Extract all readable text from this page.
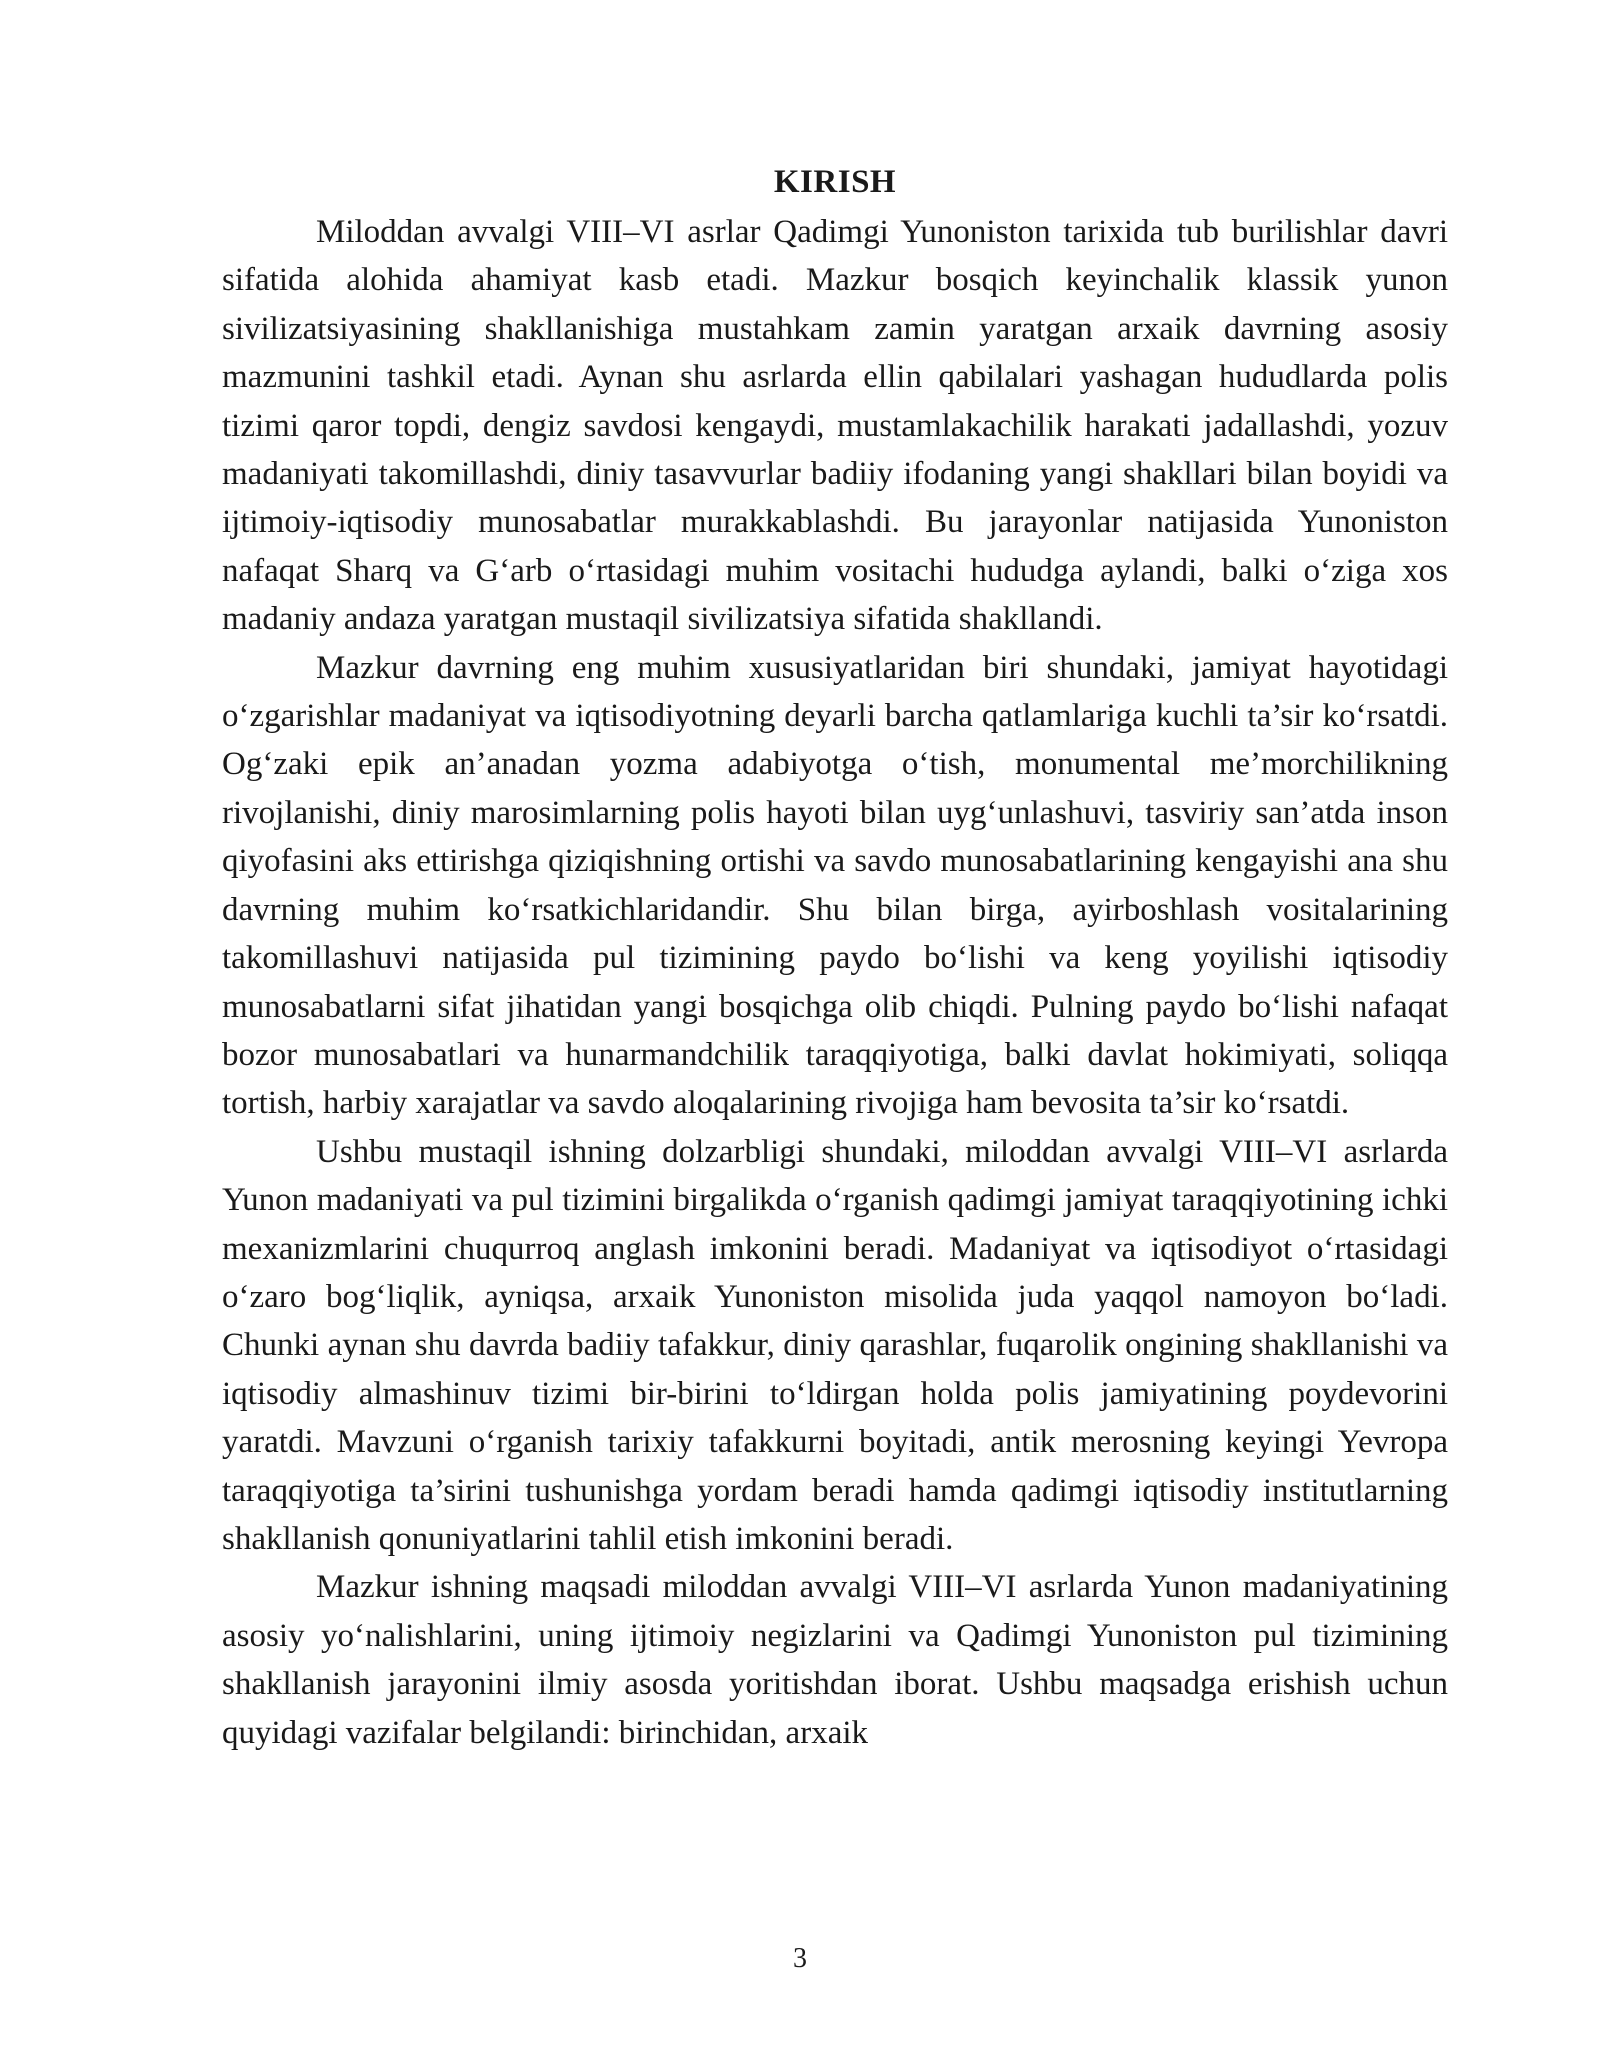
KIRISH

Miloddan avvalgi VIII–VI asrlar Qadimgi Yunoniston tarixida tub burilishlar davri sifatida alohida ahamiyat kasb etadi. Mazkur bosqich keyinchalik klassik yunon sivilizatsiyasining shakllanishiga mustahkam zamin yaratgan arxaik davrning asosiy mazmunini tashkil etadi. Aynan shu asrlarda ellin qabilalari yashagan hududlarda polis tizimi qaror topdi, dengiz savdosi kengaydi, mustamlakachilik harakati jadallashdi, yozuv madaniyati takomillashdi, diniy tasavvurlar badiiy ifodaning yangi shakllari bilan boyidi va ijtimoiy-iqtisodiy munosabatlar murakkablashdi. Bu jarayonlar natijasida Yunoniston nafaqat Sharq va G‘arb o‘rtasidagi muhim vositachi hududga aylandi, balki o‘ziga xos madaniy andaza yaratgan mustaqil sivilizatsiya sifatida shakllandi.

Mazkur davrning eng muhim xususiyatlaridan biri shundaki, jamiyat hayotidagi o‘zgarishlar madaniyat va iqtisodiyotning deyarli barcha qatlamlariga kuchli ta’sir ko‘rsatdi. Og‘zaki epik an’anadan yozma adabiyotga o‘tish, monumental me’morchilikning rivojlanishi, diniy marosimlarning polis hayoti bilan uyg‘unlashuvi, tasviriy san’atda inson qiyofasini aks ettirishga qiziqishning ortishi va savdo munosabatlarining kengayishi ana shu davrning muhim ko‘rsatkichlaridandir. Shu bilan birga, ayirboshlash vositalarining takomillashuvi natijasida pul tizimining paydo bo‘lishi va keng yoyilishi iqtisodiy munosabatlarni sifat jihatidan yangi bosqichga olib chiqdi. Pulning paydo bo‘lishi nafaqat bozor munosabatlari va hunarmandchilik taraqqiyotiga, balki davlat hokimiyati, soliqqa tortish, harbiy xarajatlar va savdo aloqalarining rivojiga ham bevosita ta’sir ko‘rsatdi.

Ushbu mustaqil ishning dolzarbligi shundaki, miloddan avvalgi VIII–VI asrlarda Yunon madaniyati va pul tizimini birgalikda o‘rganish qadimgi jamiyat taraqqiyotining ichki mexanizmlarini chuqurroq anglash imkonini beradi. Madaniyat va iqtisodiyot o‘rtasidagi o‘zaro bog‘liqlik, ayniqsa, arxaik Yunoniston misolida juda yaqqol namoyon bo‘ladi. Chunki aynan shu davrda badiiy tafakkur, diniy qarashlar, fuqarolik ongining shakllanishi va iqtisodiy almashinuv tizimi bir-birini to‘ldirgan holda polis jamiyatining poydevorini yaratdi. Mavzuni o‘rganish tarixiy tafakkurni boyitadi, antik merosning keyingi Yevropa taraqqiyotiga ta’sirini tushunishga yordam beradi hamda qadimgi iqtisodiy institutlarning shakllanish qonuniyatlarini tahlil etish imkonini beradi.

Mazkur ishning maqsadi miloddan avvalgi VIII–VI asrlarda Yunon madaniyatining asosiy yo‘nalishlarini, uning ijtimoiy negizlarini va Qadimgi Yunoniston pul tizimining shakllanish jarayonini ilmiy asosda yoritishdan iborat. Ushbu maqsadga erishish uchun quyidagi vazifalar belgilandi: birinchidan, arxaik

3
